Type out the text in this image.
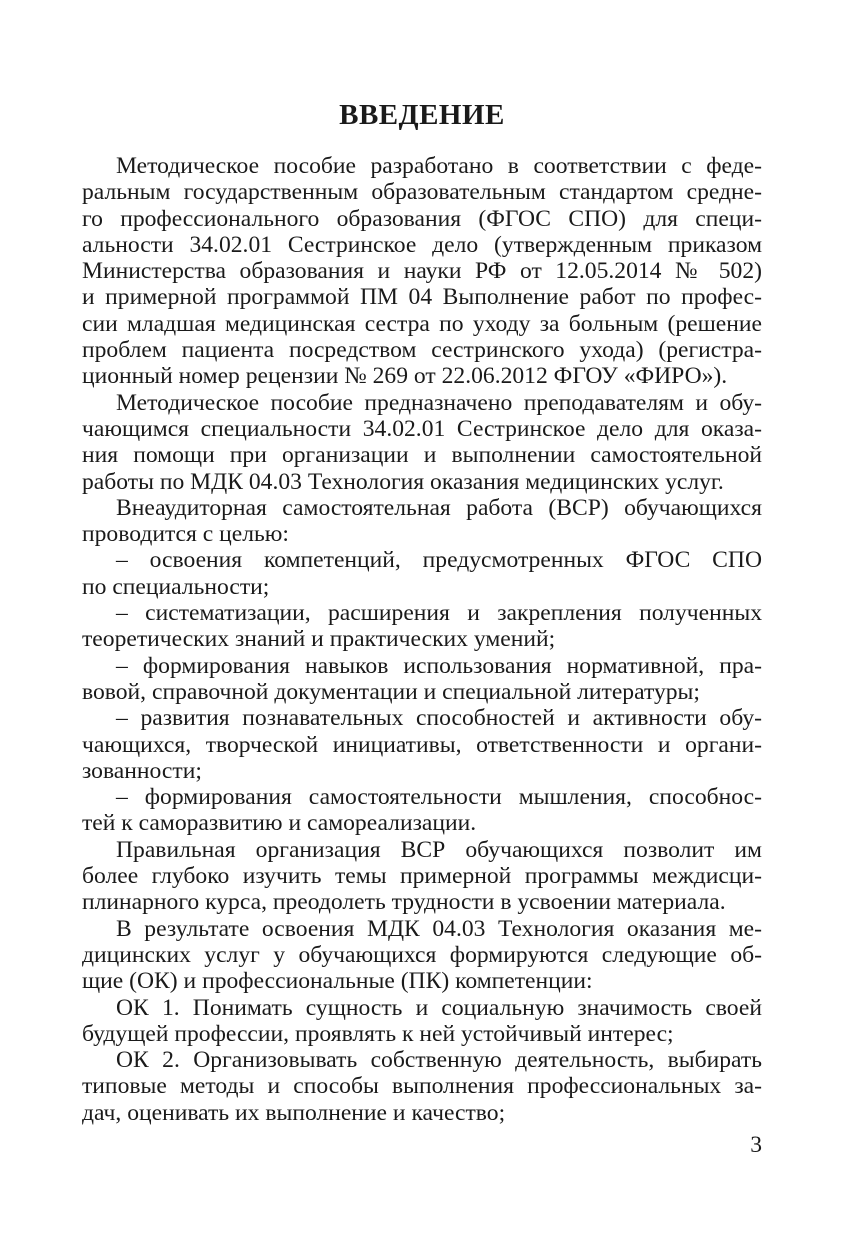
ВВЕДЕНИЕ

Методическое пособие разработано в соответствии с феде-
ральным государственным образовательным стандартом средне-
го профессионального образования (ФГОС СПО) для специ-
альности 34.02.01 Сестринское дело (утвержденным приказом
Министерства образования и науки РФ от 12.05.2014 № 502)
и примерной программой ПМ 04 Выполнение работ по профес-
сии младшая медицинская сестра по уходу за больным (решение
проблем пациента посредством сестринского ухода) (регистра-
ционный номер рецензии № 269 от 22.06.2012 ФГОУ «ФИРО»).

Методическое пособие предназначено преподавателям и обу-
чающимся специальности 34.02.01 Сестринское дело для оказа-
ния помощи при организации и выполнении самостоятельной
работы по МДК 04.03 Технология оказания медицинских услуг.

Внеаудиторная самостоятельная работа (ВСР) обучающихся
проводится с целью:

– освоения компетенций, предусмотренных ФГОС СПО
по специальности;

– систематизации, расширения и закрепления полученных
теоретических знаний и практических умений;

– формирования навыков использования нормативной, пра-
вовой, справочной документации и специальной литературы;

– развития познавательных способностей и активности обу-
чающихся, творческой инициативы, ответственности и органи-
зованности;

– формирования самостоятельности мышления, способнос-
тей к саморазвитию и самореализации.

Правильная организация ВСР обучающихся позволит им
более глубоко изучить темы примерной программы междисци-
плинарного курса, преодолеть трудности в усвоении материала.

В результате освоения МДК 04.03 Технология оказания ме-
дицинских услуг у обучающихся формируются следующие об-
щие (ОК) и профессиональные (ПК) компетенции:

ОК 1. Понимать сущность и социальную значимость своей
будущей профессии, проявлять к ней устойчивый интерес;

ОК 2. Организовывать собственную деятельность, выбирать
типовые методы и способы выполнения профессиональных за-
дач, оценивать их выполнение и качество;

3
